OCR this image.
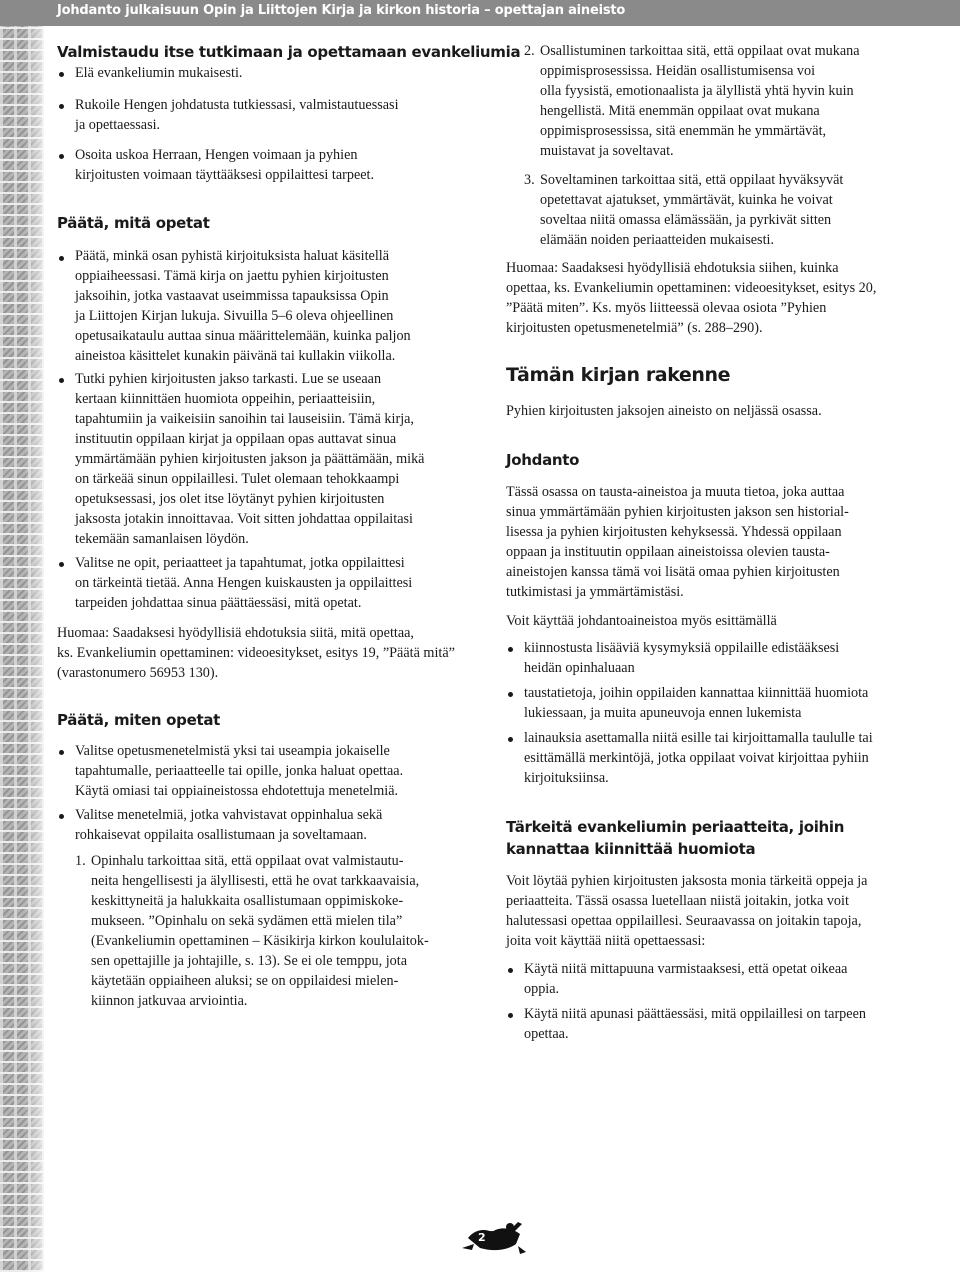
Johdanto julkaisuun Opin ja Liittojen Kirja ja kirkon historia – opettajan aineisto
Valmistaudu itse tutkimaan ja opettamaan evankeliumia
Elä evankeliumin mukaisesti.
Rukoile Hengen johdatusta tutkiessasi, valmistautuessasi
ja opettaessasi.
Osoita uskoa Herraan, Hengen voimaan ja pyhien
kirjoitusten voimaan täyttääksesi oppilaittesi tarpeet.
Päätä, mitä opetat
Päätä, minkä osan pyhistä kirjoituksista haluat käsitellä
oppiaiheessasi. Tämä kirja on jaettu pyhien kirjoitusten
jaksoihin, jotka vastaavat useimmissa tapauksissa Opin
ja Liittojen Kirjan lukuja. Sivuilla 5–6 oleva ohjeellinen
opetusaikataulu auttaa sinua määrittelemään, kuinka paljon
aineistoa käsittelet kunakin päivänä tai kullakin viikolla.
Tutki pyhien kirjoitusten jakso tarkasti. Lue se useaan
kertaan kiinnittäen huomiota oppeihin, periaatteisiin,
tapahtumiin ja vaikeisiin sanoihin tai lauseisiin. Tämä kirja,
instituutin oppilaan kirjat ja oppilaan opas auttavat sinua
ymmärtämään pyhien kirjoitusten jakson ja päättämään, mikä
on tärkeää sinun oppilaillesi. Tulet olemaan tehokkaampi
opetuksessasi, jos olet itse löytänyt pyhien kirjoitusten
jaksosta jotakin innoittavaa. Voit sitten johdattaa oppilaitasi
tekemään samanlaisen löydön.
Valitse ne opit, periaatteet ja tapahtumat, jotka oppilaittesi
on tärkeintä tietää. Anna Hengen kuiskausten ja oppilaittesi
tarpeiden johdattaa sinua päättäessäsi, mitä opetat.
Huomaa: Saadaksesi hyödyllisiä ehdotuksia siitä, mitä opettaa,
ks. Evankeliumin opettaminen: videoesitykset, esitys 19, ”Päätä mitä”
(varastonumero 56953 130).
Päätä, miten opetat
Valitse opetusmenetelmistä yksi tai useampia jokaiselle
tapahtumalle, periaatteelle tai opille, jonka haluat opettaa.
Käytä omiasi tai oppiaineistossa ehdotettuja menetelmiä.
Valitse menetelmiä, jotka vahvistavat oppinhalua sekä
rohkaisevat oppilaita osallistumaan ja soveltamaan.
1. Opinhalu tarkoittaa sitä, että oppilaat ovat valmistautu-
neita hengellisesti ja älyllisesti, että he ovat tarkkaavaisia,
keskittyneitä ja halukkaita osallistumaan oppimiskoke-
mukseen. ”Opinhalu on sekä sydämen että mielen tila”
(Evankeliumin opettaminen – Käsikirja kirkon koululaitok-
sen opettajille ja johtajille, s. 13). Se ei ole temppu, jota
käytetään oppiaiheen aluksi; se on oppilaidesi mielen-
kiinnon jatkuvaa arviointia.
2. Osallistuminen tarkoittaa sitä, että oppilaat ovat mukana
oppimisprosessissa. Heidän osallistumisensa voi
olla fyysistä, emotionaalista ja älyllistä yhtä hyvin kuin
hengellistä. Mitä enemmän oppilaat ovat mukana
oppimisprosessissa, sitä enemmän he ymmärtävät,
muistavat ja soveltavat.
3. Soveltaminen tarkoittaa sitä, että oppilaat hyväksyvät
opetettavat ajatukset, ymmärtävät, kuinka he voivat
soveltaa niitä omassa elämässään, ja pyrkivät sitten
elämään noiden periaatteiden mukaisesti.
Huomaa: Saadaksesi hyödyllisiä ehdotuksia siihen, kuinka
opettaa, ks. Evankeliumin opettaminen: videoesitykset, esitys 20,
”Päätä miten”. Ks. myös liitteessä olevaa osiota ”Pyhien
kirjoitusten opetusmenetelmiä” (s. 288–290).
Tämän kirjan rakenne
Pyhien kirjoitusten jaksojen aineisto on neljässä osassa.
Johdanto
Tässä osassa on tausta-aineistoa ja muuta tietoa, joka auttaa
sinua ymmärtämään pyhien kirjoitusten jakson sen historial-
lisessa ja pyhien kirjoitusten kehyksessä. Yhdessä oppilaan
oppaan ja instituutin oppilaan aineistoissa olevien tausta-
aineistojen kanssa tämä voi lisätä omaa pyhien kirjoitusten
tutkimistasi ja ymmärtämistäsi.
Voit käyttää johdantoaineistoa myös esittämällä
kiinnostusta lisääviä kysymyksiä oppilaille edistääksesi
heidän opinhaluaan
taustatietoja, joihin oppilaiden kannattaa kiinnittää huomiota
lukiessaan, ja muita apuneuvoja ennen lukemista
lainauksia asettamalla niitä esille tai kirjoittamalla taululle tai
esittämällä merkintöjä, jotka oppilaat voivat kirjoittaa pyhiin
kirjoituksiinsa.
Tärkeitä evankeliumin periaatteita, joihin
kannattaa kiinnittää huomiota
Voit löytää pyhien kirjoitusten jaksosta monia tärkeitä oppeja ja
periaatteita. Tässä osassa luetellaan niistä joitakin, jotka voit
halutessasi opettaa oppilaillesi. Seuraavassa on joitakin tapoja,
joita voit käyttää niitä opettaessasi:
Käytä niitä mittapuuna varmistaaksesi, että opetat oikeaa
oppia.
Käytä niitä apunasi päättäessäsi, mitä oppilaillesi on tarpeen
opettaa.
2
